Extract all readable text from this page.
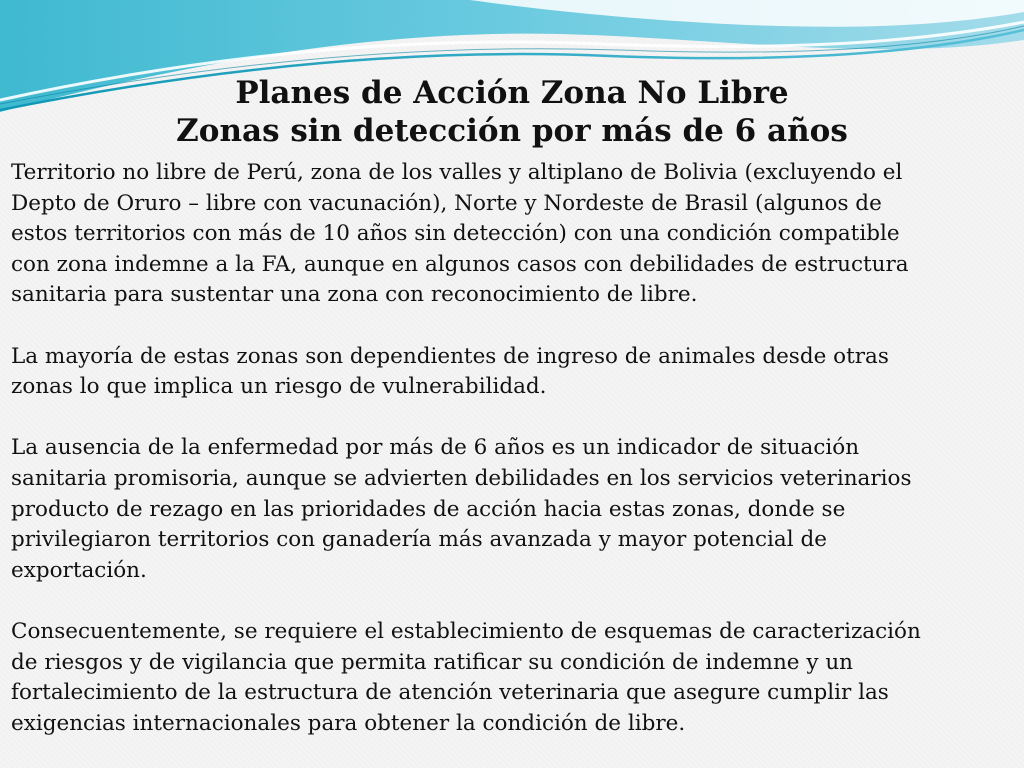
Planes de Acción Zona No Libre
Zonas sin detección por más de 6 años

Territorio no libre de Perú, zona de los valles y altiplano de Bolivia (excluyendo el
Depto de Oruro – libre con vacunación), Norte y Nordeste de Brasil (algunos de
estos territorios con más de 10 años sin detección) con una condición compatible
con zona indemne a la FA, aunque en algunos casos con debilidades de estructura
sanitaria para sustentar una zona con reconocimiento de libre.

La mayoría de estas zonas son dependientes de ingreso de animales desde otras
zonas lo que implica un riesgo de vulnerabilidad.

La ausencia de la enfermedad por más de 6 años es un indicador de situación
sanitaria promisoria, aunque se advierten debilidades en los servicios veterinarios
producto de rezago en las prioridades de acción hacia estas zonas, donde se
privilegiaron territorios con ganadería más avanzada y mayor potencial de
exportación.

Consecuentemente, se requiere el establecimiento de esquemas de caracterización
de riesgos y de vigilancia que permita ratificar su condición de indemne y un
fortalecimiento de la estructura de atención veterinaria que asegure cumplir las
exigencias internacionales para obtener la condición de libre.
